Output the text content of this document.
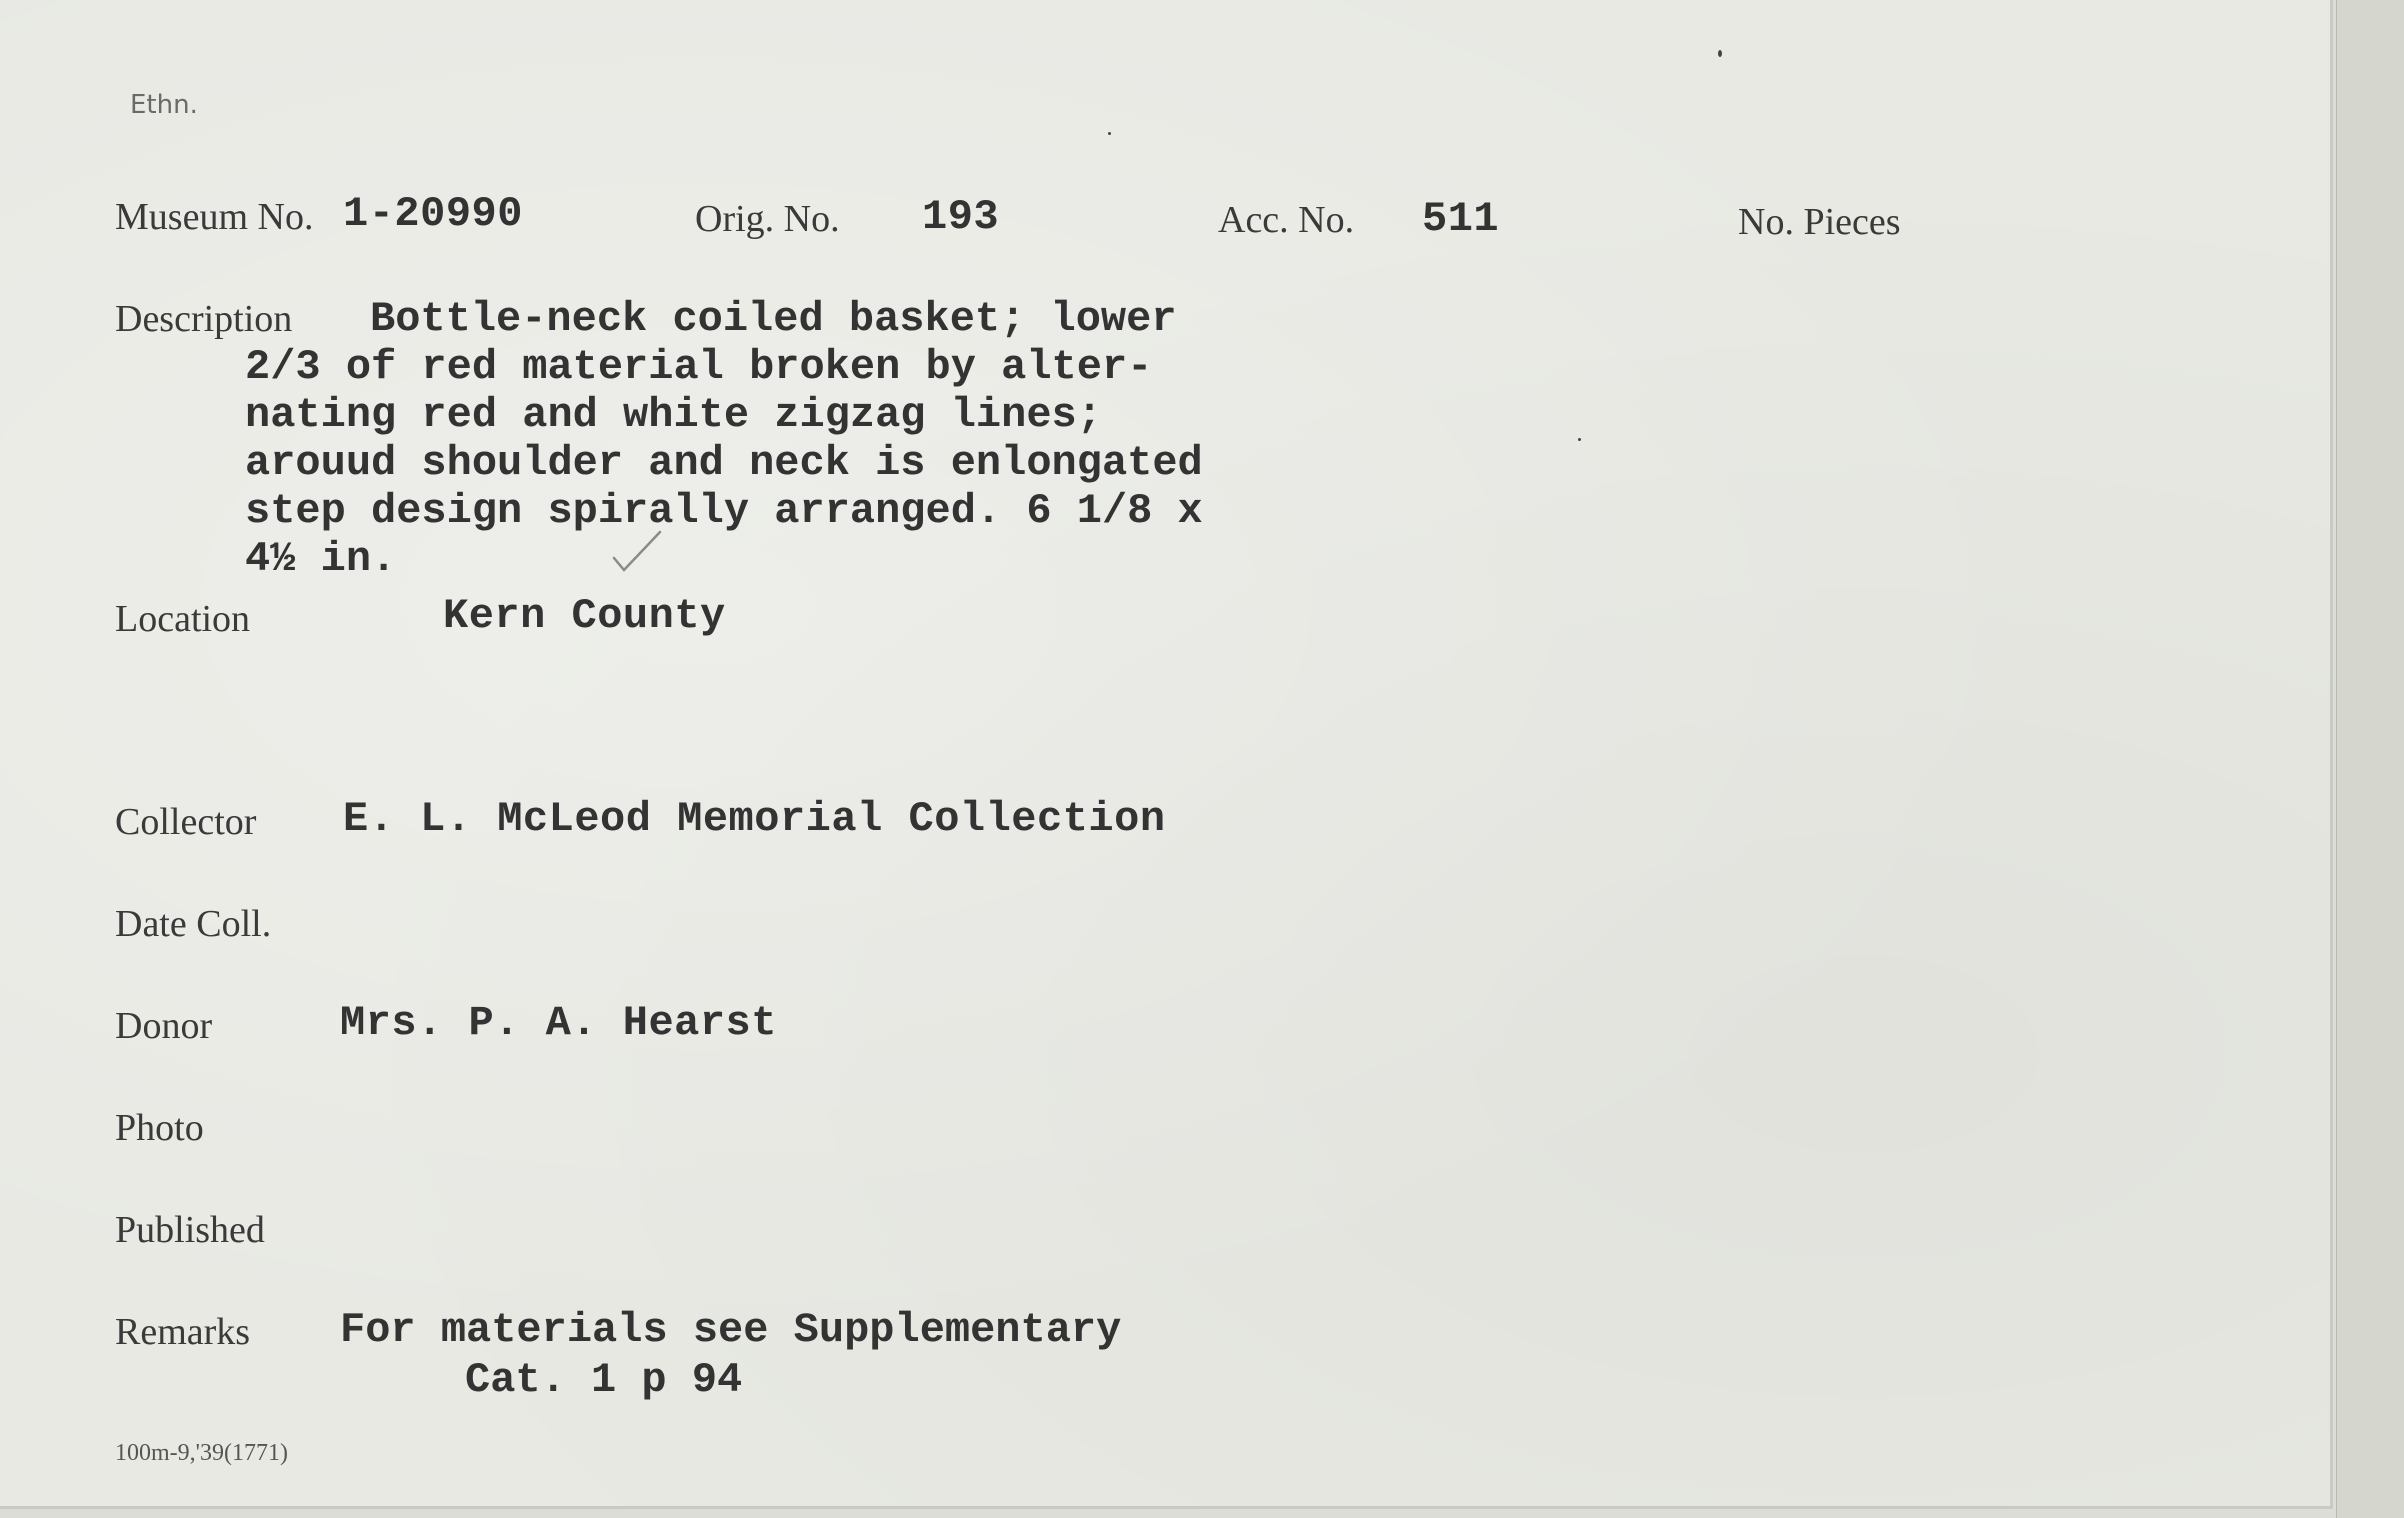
Ethn.
Museum No. 1-20990	Orig. No. 193	Acc. No. 511	No. Pieces
Description Bottle-neck coiled basket; lower
2/3 of red material broken by alter-
nating red and white zigzag lines;
arouud shoulder and neck is enlongated
step design spirally arranged. 6 1/8 x
4½ in.
Location	Kern County
Collector E. L. McLeod Memorial Collection
Date Coll.
Donor	Mrs. P. A. Hearst
Photo
Published
Remarks For materials see Supplementary
Cat. 1 p 94
100m-9,'39(1771)
